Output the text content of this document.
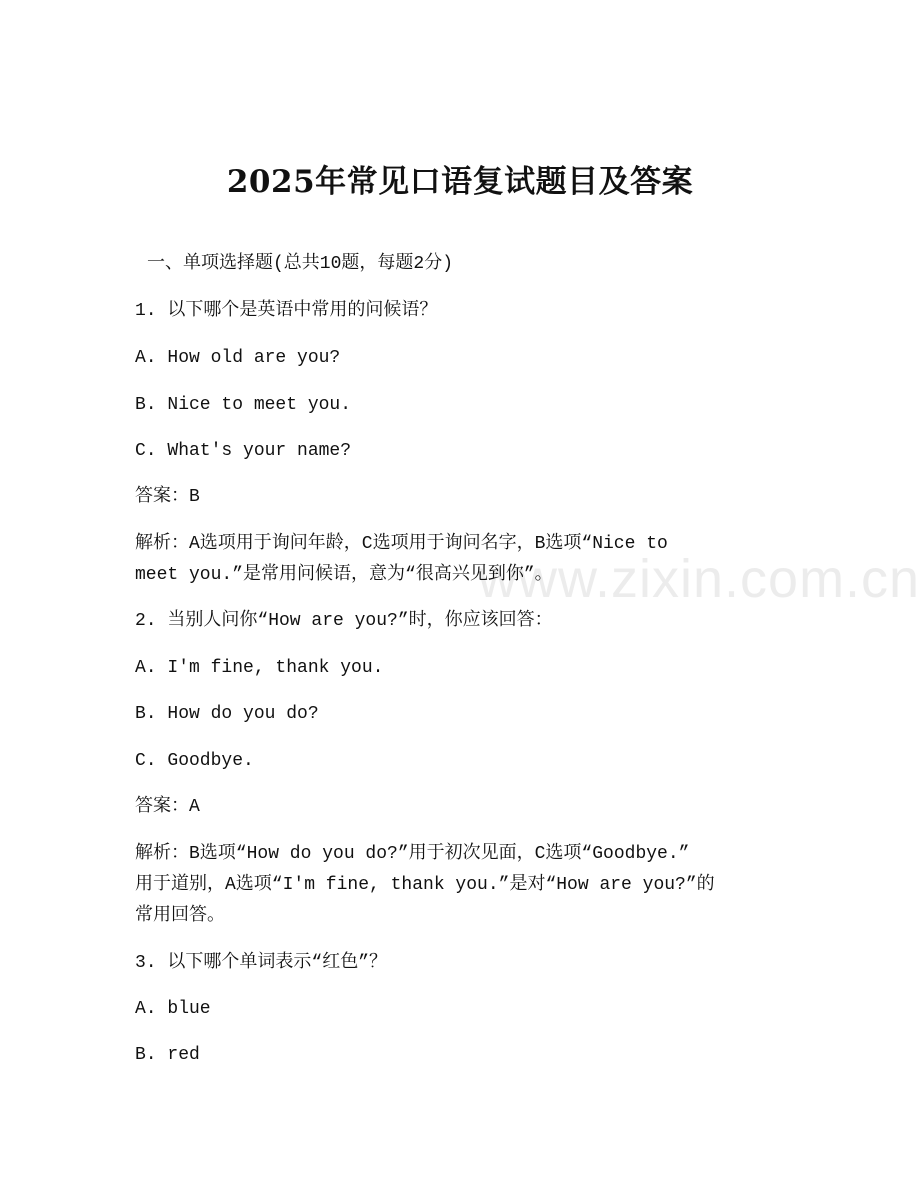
www.zixin.com.cn
2025年常见口语复试题目及答案
一、单项选择题(总共10题，每题2分)
1. 以下哪个是英语中常用的问候语？
A. How old are you?
B. Nice to meet you.
C. What's your name?
答案：B
解析：A选项用于询问年龄，C选项用于询问名字，B选项“Nice to
meet you.”是常用问候语，意为“很高兴见到你”。
2. 当别人问你“How are you?”时，你应该回答：
A. I'm fine, thank you.
B. How do you do?
C. Goodbye.
答案：A
解析：B选项“How do you do?”用于初次见面，C选项“Goodbye.”
用于道别，A选项“I'm fine, thank you.”是对“How are you?”的
常用回答。
3. 以下哪个单词表示“红色”？
A. blue
B. red
